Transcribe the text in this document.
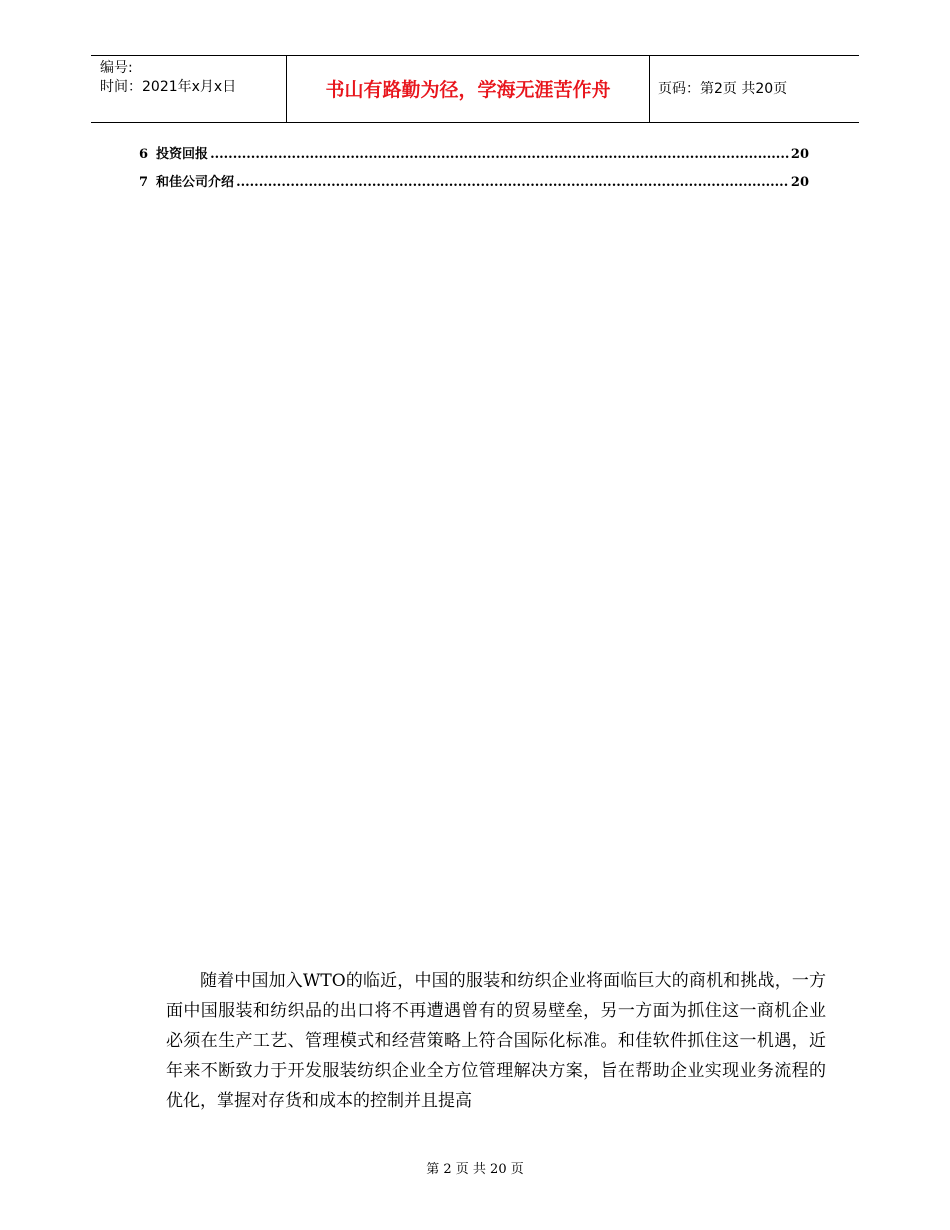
编号:
时间：2021年x月x日	书山有路勤为径，学海无涯苦作舟	页码：第2页 共20页
6 投资回报 .....	20
7 和佳公司介绍 .....	20

随着中国加入WTO的临近，中国的服装和纺织企业将面临巨大的商机和挑战，一方面中国服装和纺织品的出口将不再遭遇曾有的贸易壁垒，另一方面为抓住这一商机企业必须在生产工艺、管理模式和经营策略上符合国际化标准。和佳软件抓住这一机遇，近年来不断致力于开发服装纺织企业全方位管理解决方案，旨在帮助企业实现业务流程的优化，掌握对存货和成本的控制并且提高

第 2 页 共 20 页
